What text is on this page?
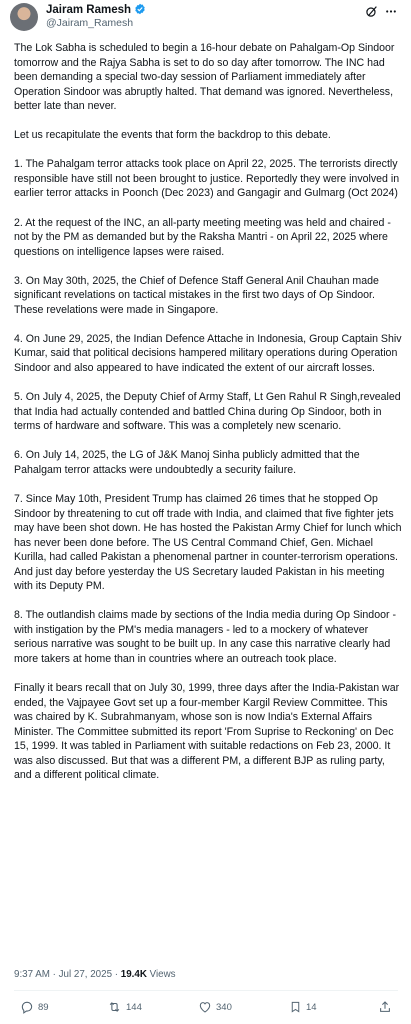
Jairam Ramesh
@Jairam_Ramesh

The Lok Sabha is scheduled to begin a 16-hour debate on Pahalgam-Op Sindoor tomorrow and the Rajya Sabha is set to do so day after tomorrow. The INC had been demanding a special two-day session of Parliament immediately after Operation Sindoor was abruptly halted. That demand was ignored. Nevertheless, better late than never.

Let us recapitulate the events that form the backdrop to this debate.

1. The Pahalgam terror attacks took place on April 22, 2025. The terrorists directly responsible have still not been brought to justice. Reportedly they were involved in earlier terror attacks in Poonch (Dec 2023) and Gangagir and Gulmarg (Oct 2024)

2. At the request of the INC, an all-party meeting meeting was held and chaired - not by the PM as demanded but by the Raksha Mantri - on April 22, 2025 where questions on intelligence lapses were raised.

3. On May 30th, 2025, the Chief of Defence Staff General Anil Chauhan made significant revelations on tactical mistakes in the first two days of Op Sindoor. These revelations were made in Singapore.

4. On June 29, 2025, the Indian Defence Attache in Indonesia, Group Captain Shiv Kumar, said that political decisions hampered military operations during Operation Sindoor and also appeared to have indicated the extent of our aircraft losses.

5. On July 4, 2025, the Deputy Chief of Army Staff, Lt Gen Rahul R Singh,revealed that India had actually contended and battled China during Op Sindoor, both in terms of hardware and software. This was a completely new scenario.

6. On July 14, 2025, the LG of J&K Manoj Sinha publicly admitted that the Pahalgam terror attacks were undoubtedly a security failure.

7. Since May 10th, President Trump has claimed 26 times that he stopped Op Sindoor by threatening to cut off trade with India, and claimed that five fighter jets may have been shot down. He has hosted the Pakistan Army Chief for lunch which has never been done before. The US Central Command Chief, Gen. Michael Kurilla, had called Pakistan a phenomenal partner in counter-terrorism operations. And just day before yesterday the US Secretary lauded Pakistan in his meeting with its Deputy PM.

8. The outlandish claims made by sections of the India media during Op Sindoor - with instigation by the PM's media managers - led to a mockery of whatever serious narrative was sought to be built up. In any case this narrative clearly had more takers at home than in countries where an outreach took place.

Finally it bears recall that on July 30, 1999, three days after the India-Pakistan war ended, the Vajpayee Govt set up a four-member Kargil Review Committee. This was chaired by K. Subrahmanyam, whose son is now India's External Affairs Minister. The Committee submitted its report 'From Suprise to Reckoning' on Dec 15, 1999. It was tabled in Parliament with suitable redactions on Feb 23, 2000. It was also discussed. But that was a different PM, a different BJP as ruling party, and a different political climate.

9:37 AM · Jul 27, 2025 · 19.4K Views
89	144	340	14
